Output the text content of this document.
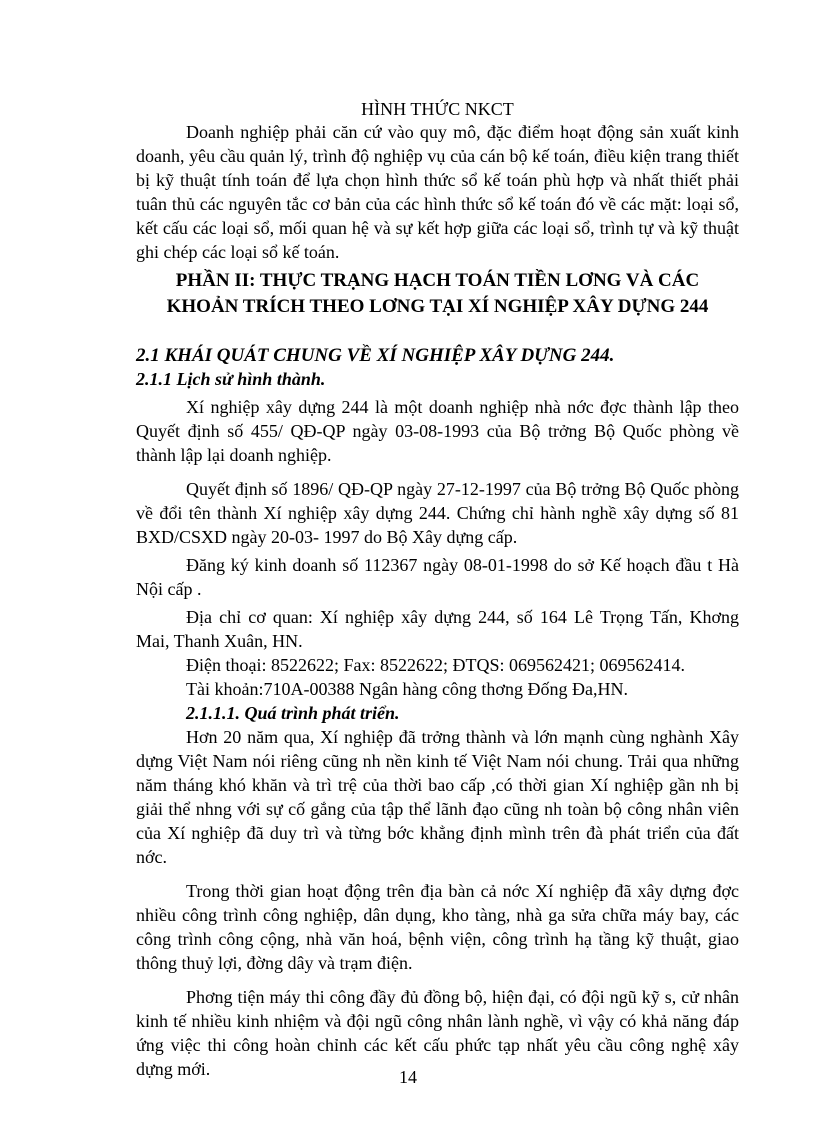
HÌNH THỨC NKCT

Doanh nghiệp phải căn cứ vào quy mô, đặc điểm hoạt động sản xuất kinh doanh, yêu cầu quản lý, trình độ nghiệp vụ của cán bộ kế toán, điều kiện trang thiết bị kỹ thuật tính toán để lựa chọn hình thức sổ kế toán phù hợp và nhất thiết phải tuân thủ các nguyên tắc cơ bản của các hình thức sổ kế toán đó về các mặt: loại sổ, kết cấu các loại sổ, mối quan hệ và sự kết hợp giữa các loại sổ, trình tự và kỹ thuật ghi chép các loại sổ kế toán.

PHẦN II: THỰC TRẠNG HẠCH TOÁN TIỀN LƠNG VÀ CÁC

KHOẢN TRÍCH THEO LƠNG TẠI XÍ NGHIỆP XÂY DỰNG 244

2.1 KHÁI QUÁT CHUNG VỀ XÍ NGHIỆP XÂY DỰNG 244.

2.1.1 Lịch sử hình thành.

Xí nghiệp xây dựng 244 là một doanh nghiệp nhà nớc đợc thành lập theo Quyết định số 455/ QĐ-QP ngày 03-08-1993 của Bộ trởng Bộ Quốc phòng về thành lập lại doanh nghiệp.

Quyết định số 1896/ QĐ-QP ngày 27-12-1997 của Bộ trởng Bộ Quốc phòng về đổi tên thành Xí nghiệp xây dựng 244. Chứng chỉ hành nghề xây dựng số 81 BXD/CSXD ngày 20-03- 1997 do Bộ Xây dựng cấp.

Đăng ký kinh doanh số 112367 ngày 08-01-1998 do sở Kế hoạch đầu t Hà Nội cấp .

Địa chỉ cơ quan: Xí nghiệp xây dựng 244, số 164 Lê Trọng Tấn, Khơng Mai, Thanh Xuân, HN.

Điện thoại: 8522622; Fax: 8522622; ĐTQS: 069562421; 069562414.

Tài khoản:710A-00388 Ngân hàng công thơng Đống Đa,HN.

2.1.1.1. Quá trình phát triển.

Hơn 20 năm qua, Xí nghiệp đã trởng thành và lớn mạnh cùng nghành Xây dựng Việt Nam nói riêng cũng nh nền kinh tế Việt Nam nói chung. Trải qua những năm tháng khó khăn và trì trệ của thời bao cấp ,có thời gian Xí nghiệp gần nh bị giải thể nhng với sự cố gắng của tập thể lãnh đạo cũng nh toàn bộ công nhân viên của Xí nghiệp đã duy trì và từng bớc khẳng định mình trên đà phát triển của đất nớc.

Trong thời gian hoạt động trên địa bàn cả nớc Xí nghiệp đã xây dựng đợc nhiều công trình công nghiệp, dân dụng, kho tàng, nhà ga sửa chữa máy bay, các công trình công cộng, nhà văn hoá, bệnh viện, công trình hạ tầng kỹ thuật, giao thông thuỷ lợi, đờng dây và trạm điện.

Phơng tiện máy thi công đầy đủ đồng bộ, hiện đại, có đội ngũ kỹ s, cử nhân kinh tế nhiều kinh nhiệm và đội ngũ công nhân lành nghề, vì vậy có khả năng đáp ứng việc thi công hoàn chỉnh các kết cấu phức tạp nhất yêu cầu công nghệ xây dựng mới.	14
